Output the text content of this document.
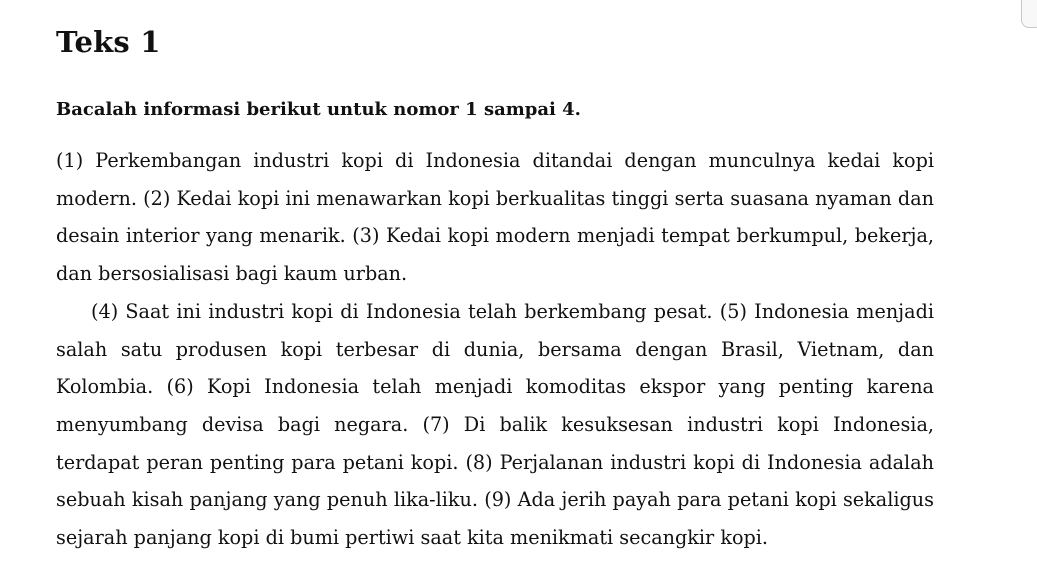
Teks 1

Bacalah informasi berikut untuk nomor 1 sampai 4.

(1) Perkembangan industri kopi di Indonesia ditandai dengan munculnya kedai kopi modern. (2) Kedai kopi ini menawarkan kopi berkualitas tinggi serta suasana nyaman dan desain interior yang menarik. (3) Kedai kopi modern menjadi tempat berkumpul, bekerja, dan bersosialisasi bagi kaum urban.

(4) Saat ini industri kopi di Indonesia telah berkembang pesat. (5) Indonesia menjadi salah satu produsen kopi terbesar di dunia, bersama dengan Brasil, Vietnam, dan Kolombia. (6) Kopi Indonesia telah menjadi komoditas ekspor yang penting karena menyumbang devisa bagi negara. (7) Di balik kesuksesan industri kopi Indonesia, terdapat peran penting para petani kopi. (8) Perjalanan industri kopi di Indonesia adalah sebuah kisah panjang yang penuh lika-liku. (9) Ada jerih payah para petani kopi sekaligus sejarah panjang kopi di bumi pertiwi saat kita menikmati secangkir kopi.
